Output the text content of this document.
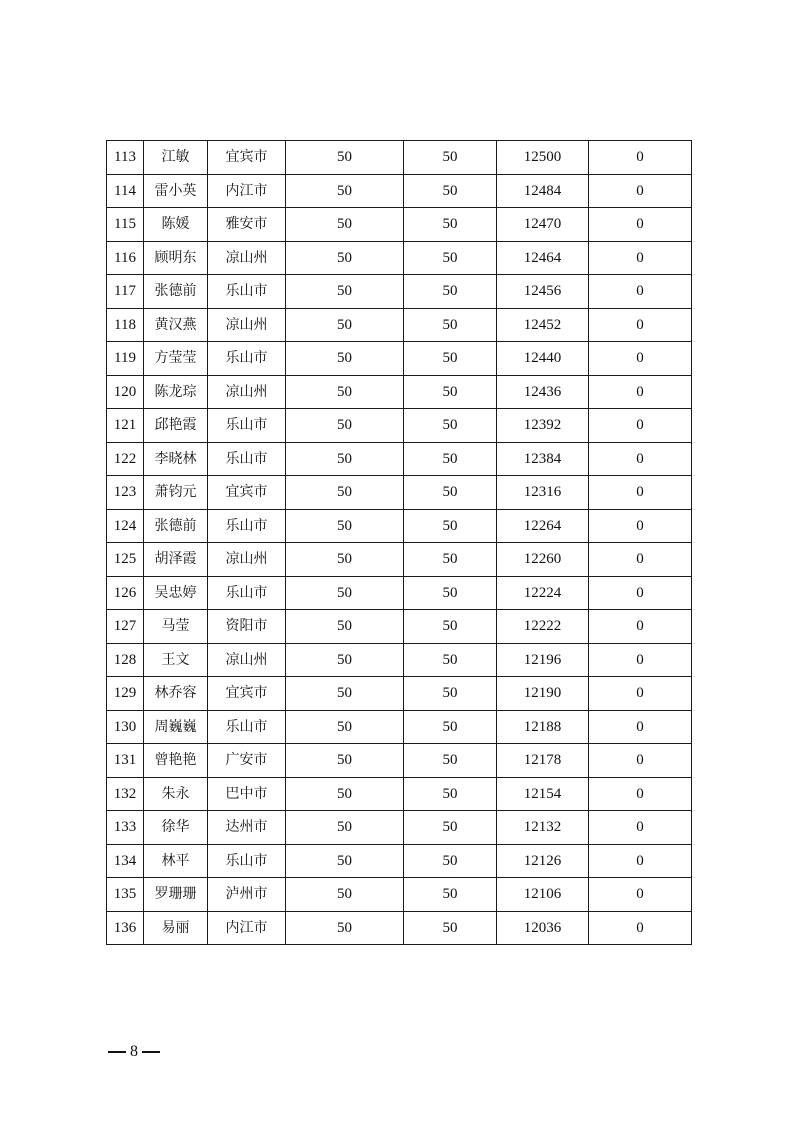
113	江敏	宜宾市	50	50	12500	0
114	雷小英	内江市	50	50	12484	0
115	陈媛	雅安市	50	50	12470	0
116	顾明东	凉山州	50	50	12464	0
117	张德前	乐山市	50	50	12456	0
118	黄汉燕	凉山州	50	50	12452	0
119	方莹莹	乐山市	50	50	12440	0
120	陈龙琮	凉山州	50	50	12436	0
121	邱艳霞	乐山市	50	50	12392	0
122	李晓林	乐山市	50	50	12384	0
123	萧钧元	宜宾市	50	50	12316	0
124	张德前	乐山市	50	50	12264	0
125	胡泽霞	凉山州	50	50	12260	0
126	吴忠婷	乐山市	50	50	12224	0
127	马莹	资阳市	50	50	12222	0
128	王文	凉山州	50	50	12196	0
129	林乔容	宜宾市	50	50	12190	0
130	周巍巍	乐山市	50	50	12188	0
131	曾艳艳	广安市	50	50	12178	0
132	朱永	巴中市	50	50	12154	0
133	徐华	达州市	50	50	12132	0
134	林平	乐山市	50	50	12126	0
135	罗珊珊	泸州市	50	50	12106	0
136	易丽	内江市	50	50	12036	0
8
